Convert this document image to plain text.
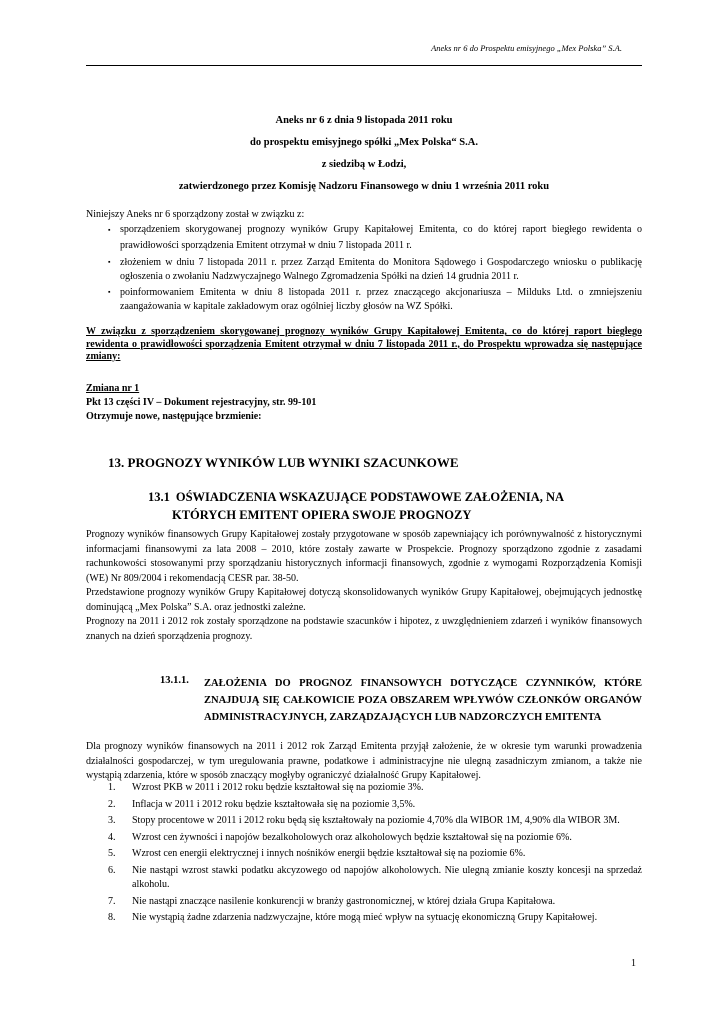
Aneks nr 6 do Prospektu emisyjnego „Mex Polska” S.A.
Aneks nr 6 z dnia 9 listopada 2011 roku
do prospektu emisyjnego spółki „Mex Polska“ S.A.
z siedzibą w Łodzi,
zatwierdzonego przez Komisję Nadzoru Finansowego w dniu 1 września 2011 roku
Niniejszy Aneks nr 6 sporządzony został w związku z:
▪ sporządzeniem skorygowanej prognozy wyników Grupy Kapitałowej Emitenta, co do której raport biegłego rewidenta o prawidłowości sporządzenia Emitent otrzymał w dniu 7 listopada 2011 r.
▪ złożeniem w dniu 7 listopada 2011 r. przez Zarząd Emitenta do Monitora Sądowego i Gospodarczego wniosku o publikację ogłoszenia o zwołaniu Nadzwyczajnego Walnego Zgromadzenia Spółki na dzień 14 grudnia 2011 r.
▪ poinformowaniem Emitenta w dniu 8 listopada 2011 r. przez znaczącego akcjonariusza – Milduks Ltd. o zmniejszeniu zaangażowania w kapitale zakładowym oraz ogólniej liczby głosów na WZ Spółki.
W związku z sporządzeniem skorygowanej prognozy wyników Grupy Kapitałowej Emitenta, co do której raport biegłego rewidenta o prawidłowości sporządzenia Emitent otrzymał w dniu 7 listopada 2011 r., do Prospektu wprowadza się następujące zmiany:
Zmiana nr 1
Pkt 13 części IV – Dokument rejestracyjny, str. 99-101
Otrzymuje nowe, następujące brzmienie:
13. PROGNOZY WYNIKÓW LUB WYNIKI SZACUNKOWE
13.1 OŚWIADCZENIA WSKAZUJĄCE PODSTAWOWE ZAŁOŻENIA, NA
KTÓRYCH EMITENT OPIERA SWOJE PROGNOZY
Prognozy wyników finansowych Grupy Kapitałowej zostały przygotowane w sposób zapewniający ich porównywalność z historycznymi informacjami finansowymi za lata 2008 – 2010, które zostały zawarte w Prospekcie. Prognozy sporządzono zgodnie z zasadami rachunkowości stosowanymi przy sporządzaniu historycznych informacji finansowych, zgodnie z wymogami Rozporządzenia Komisji (WE) Nr 809/2004 i rekomendacją CESR par. 38-50.
Przedstawione prognozy wyników Grupy Kapitałowej dotyczą skonsolidowanych wyników Grupy Kapitałowej, obejmujących jednostkę dominującą „Mex Polska” S.A. oraz jednostki zależne.
Prognozy na 2011 i 2012 rok zostały sporządzone na podstawie szacunków i hipotez, z uwzględnieniem zdarzeń i wyników finansowych znanych na dzień sporządzenia prognozy.
13.1.1. ZAŁOŻENIA DO PROGNOZ FINANSOWYCH DOTYCZĄCE CZYNNIKÓW, KTÓRE ZNAJDUJĄ SIĘ CAŁKOWICIE POZA OBSZAREM WPŁYWÓW CZŁONKÓW ORGANÓW ADMINISTRACYJNYCH, ZARZĄDZAJĄCYCH LUB NADZORCZYCH EMITENTA

Dla prognozy wyników finansowych na 2011 i 2012 rok Zarząd Emitenta przyjął założenie, że w okresie tym warunki prowadzenia działalności gospodarczej, w tym uregulowania prawne, podatkowe i administracyjne nie ulegną zasadniczym zmianom, a także nie wystąpią zdarzenia, które w sposób znaczący mogłyby ograniczyć działalność Grupy Kapitałowej.

1. Wzrost PKB w 2011 i 2012 roku będzie kształtował się na poziomie 3%.
2. Inflacja w 2011 i 2012 roku będzie kształtowała się na poziomie 3,5%.
3. Stopy procentowe w 2011 i 2012 roku będą się kształtowały na poziomie 4,70% dla WIBOR 1M, 4,90% dla WIBOR 3M.
4. Wzrost cen żywności i napojów bezalkoholowych oraz alkoholowych będzie kształtował się na poziomie 6%.
5. Wzrost cen energii elektrycznej i innych nośników energii będzie kształtował się na poziomie 6%.
6. Nie nastąpi wzrost stawki podatku akcyzowego od napojów alkoholowych. Nie ulegną zmianie koszty koncesji na sprzedaż alkoholu.
7. Nie nastąpi znaczące nasilenie konkurencji w branży gastronomicznej, w której działa Grupa Kapitałowa.
8. Nie wystąpią żadne zdarzenia nadzwyczajne, które mogą mieć wpływ na sytuację ekonomiczną Grupy Kapitałowej.
1
